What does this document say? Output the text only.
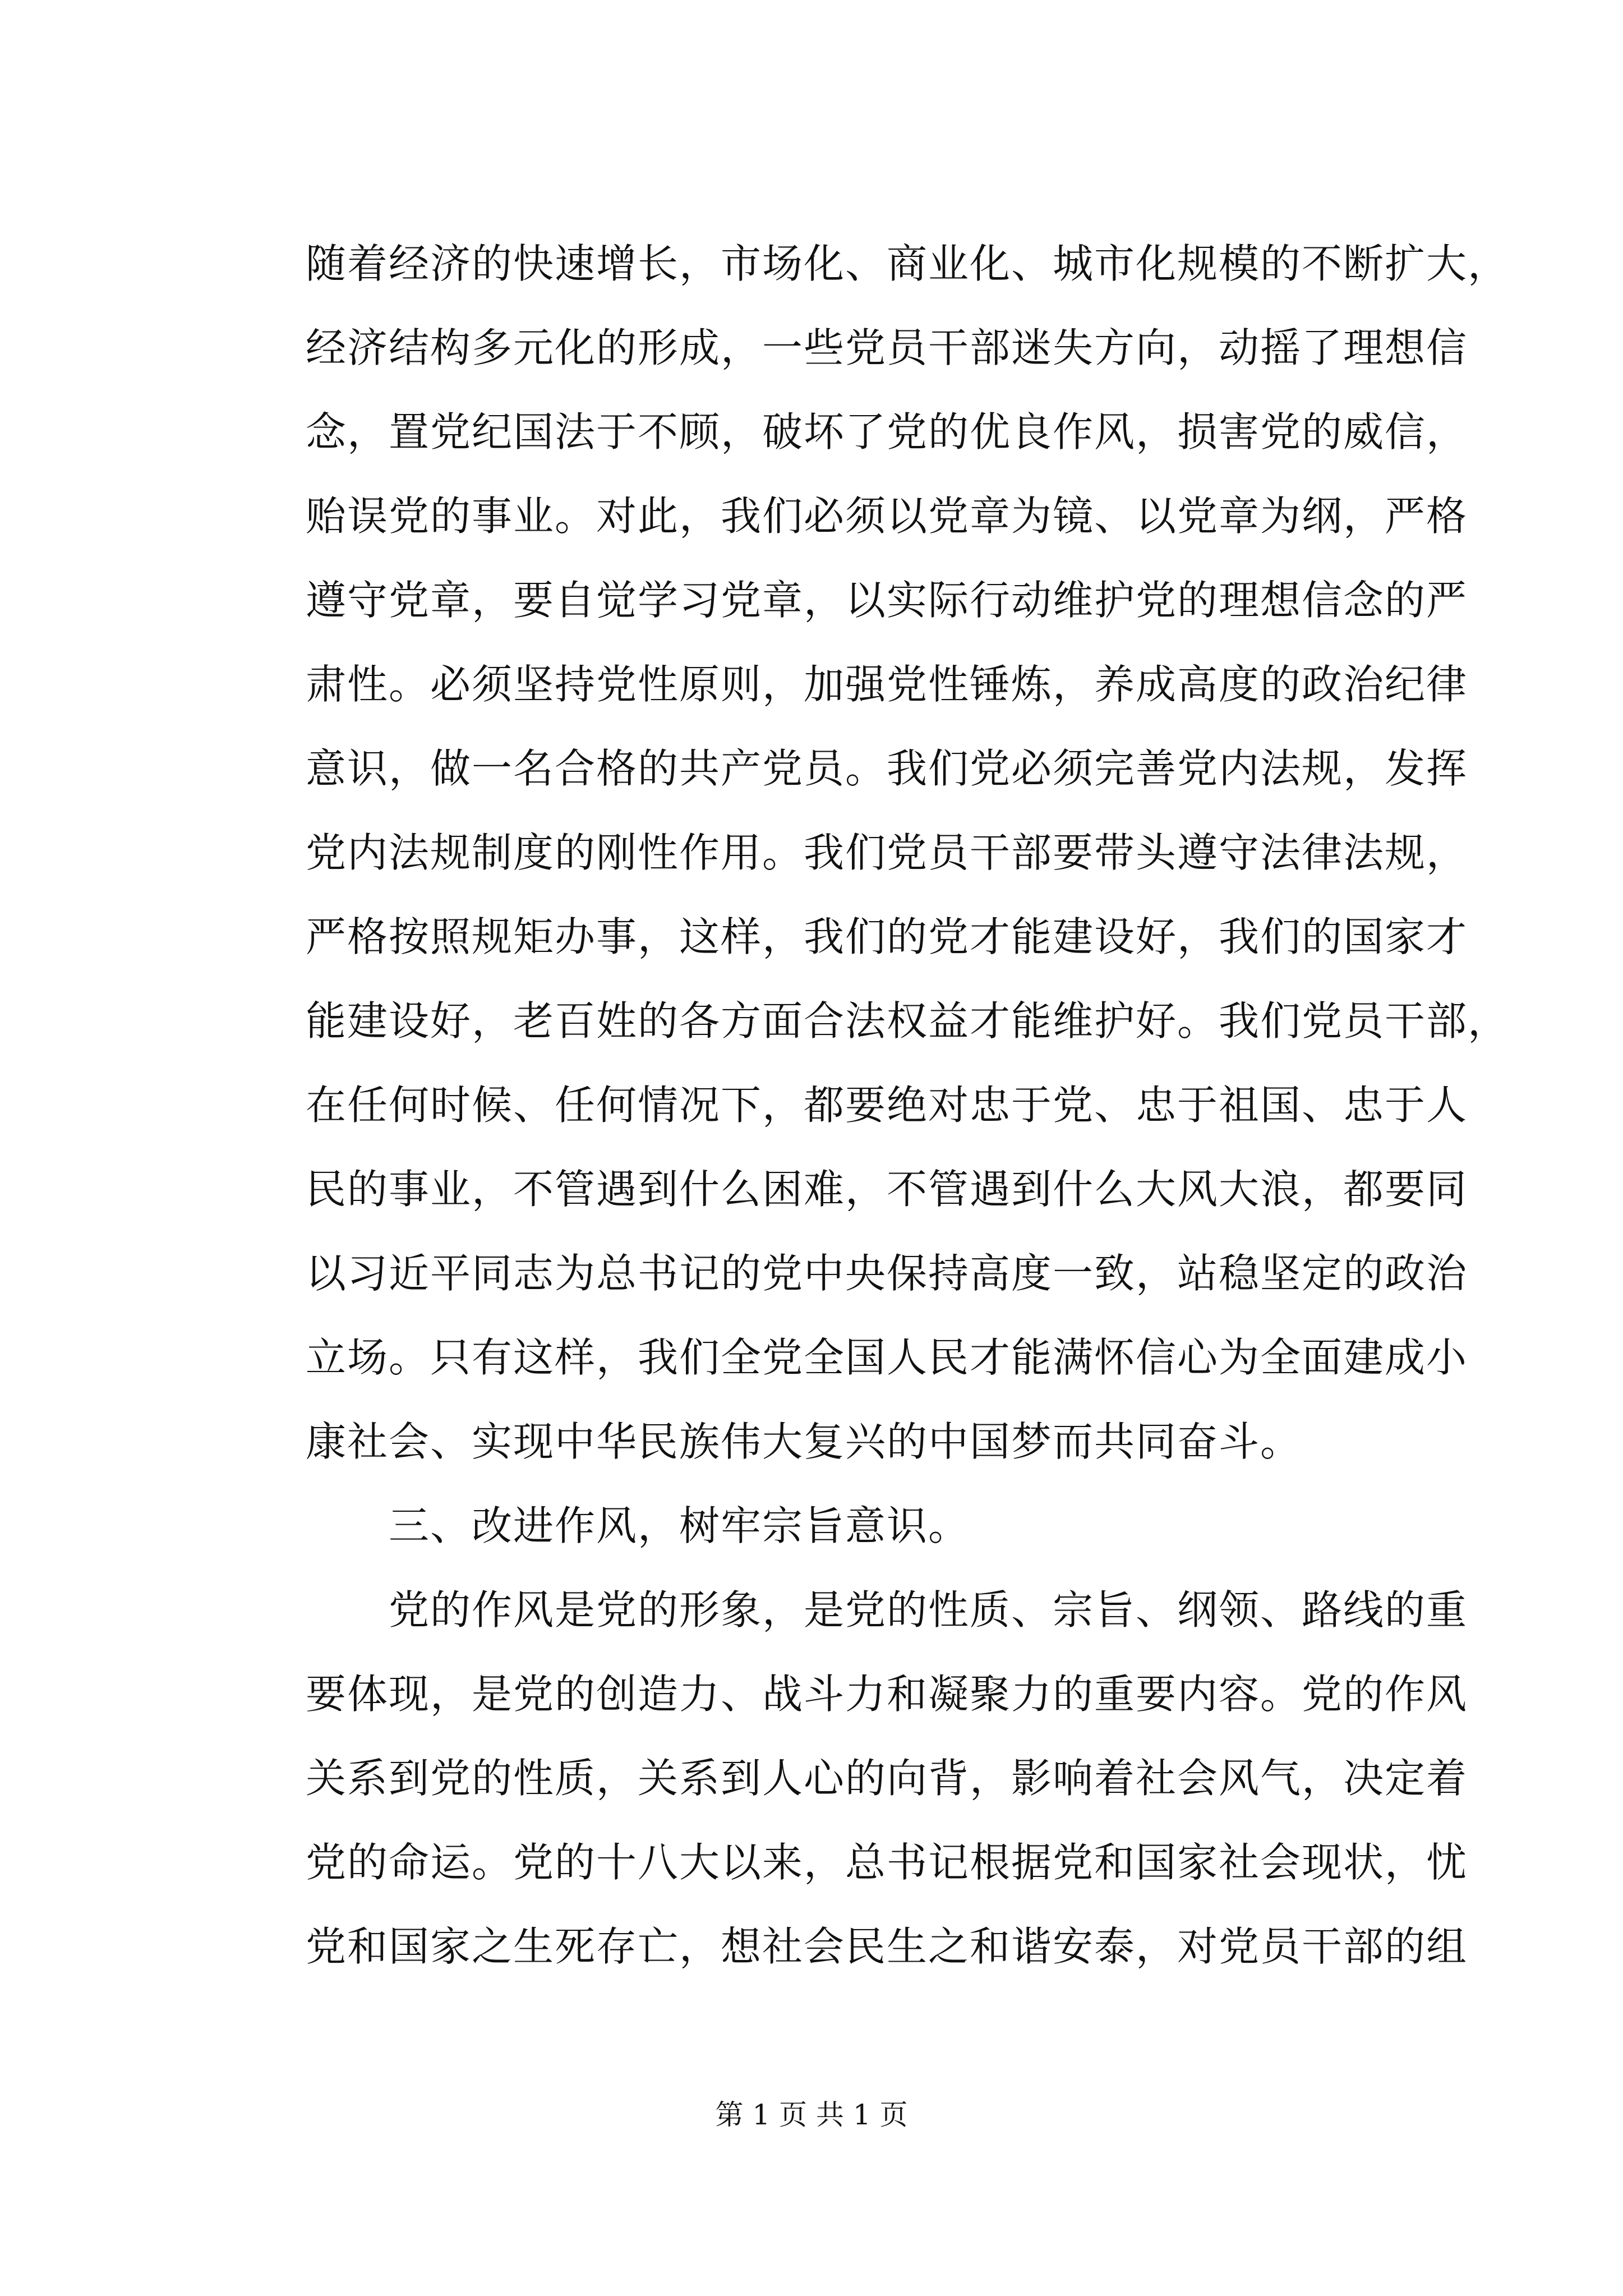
随着经济的快速增长，市场化、商业化、城市化规模的不断扩大，
经济结构多元化的形成，一些党员干部迷失方向，动摇了理想信
念，置党纪国法于不顾，破坏了党的优良作风，损害党的威信，
贻误党的事业。对此，我们必须以党章为镜、以党章为纲，严格
遵守党章，要自觉学习党章，以实际行动维护党的理想信念的严
肃性。必须坚持党性原则，加强党性锤炼，养成高度的政治纪律
意识，做一名合格的共产党员。我们党必须完善党内法规，发挥
党内法规制度的刚性作用。我们党员干部要带头遵守法律法规，
严格按照规矩办事，这样，我们的党才能建设好，我们的国家才
能建设好，老百姓的各方面合法权益才能维护好。我们党员干部，
在任何时候、任何情况下，都要绝对忠于党、忠于祖国、忠于人
民的事业，不管遇到什么困难，不管遇到什么大风大浪，都要同
以习近平同志为总书记的党中央保持高度一致，站稳坚定的政治
立场。只有这样，我们全党全国人民才能满怀信心为全面建成小
康社会、实现中华民族伟大复兴的中国梦而共同奋斗。
　　三、改进作风，树牢宗旨意识。
　　党的作风是党的形象，是党的性质、宗旨、纲领、路线的重
要体现，是党的创造力、战斗力和凝聚力的重要内容。党的作风
关系到党的性质，关系到人心的向背，影响着社会风气，决定着
党的命运。党的十八大以来，总书记根据党和国家社会现状，忧
党和国家之生死存亡，想社会民生之和谐安泰，对党员干部的组
第 1 页 共 1 页
